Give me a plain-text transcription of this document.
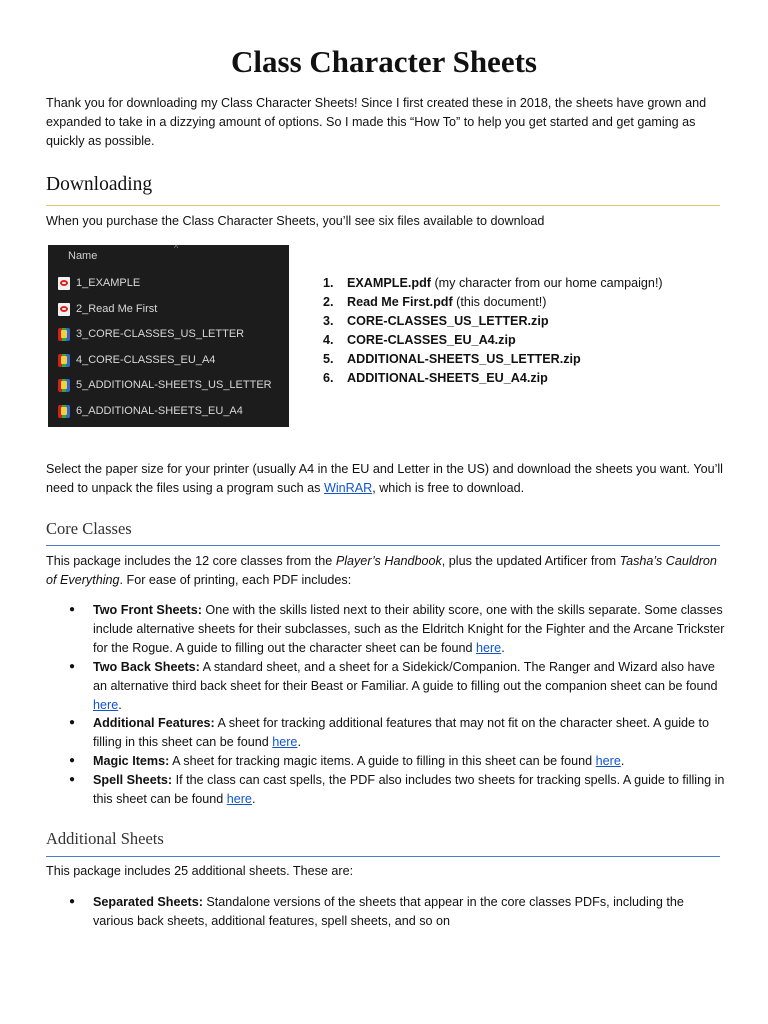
Class Character Sheets

Thank you for downloading my Class Character Sheets! Since I first created these in 2018, the sheets have grown and expanded to take in a dizzying amount of options. So I made this “How To” to help you get started and get gaming as quickly as possible.

Downloading

When you purchase the Class Character Sheets, you’ll see six files available to download

^
Name
1_EXAMPLE
2_Read Me First
3_CORE-CLASSES_US_LETTER
4_CORE-CLASSES_EU_A4
5_ADDITIONAL-SHEETS_US_LETTER
6_ADDITIONAL-SHEETS_EU_A4
1.	EXAMPLE.pdf (my character from our home campaign!)
2.	Read Me First.pdf (this document!)
3.	CORE-CLASSES_US_LETTER.zip
4.	CORE-CLASSES_EU_A4.zip
5.	ADDITIONAL-SHEETS_US_LETTER.zip
6.	ADDITIONAL-SHEETS_EU_A4.zip

Select the paper size for your printer (usually A4 in the EU and Letter in the US) and download the sheets you want. You’ll need to unpack the files using a program such as WinRAR, which is free to download.

Core Classes

This package includes the 12 core classes from the Player’s Handbook, plus the updated Artificer from Tasha’s Cauldron of Everything. For ease of printing, each PDF includes:

● Two Front Sheets: One with the skills listed next to their ability score, one with the skills separate. Some classes include alternative sheets for their subclasses, such as the Eldritch Knight for the Fighter and the Arcane Trickster for the Rogue. A guide to filling out the character sheet can be found here.
● Two Back Sheets: A standard sheet, and a sheet for a Sidekick/Companion. The Ranger and Wizard also have an alternative third back sheet for their Beast or Familiar. A guide to filling out the companion sheet can be found here.
● Additional Features: A sheet for tracking additional features that may not fit on the character sheet. A guide to filling in this sheet can be found here.
● Magic Items: A sheet for tracking magic items. A guide to filling in this sheet can be found here.
● Spell Sheets: If the class can cast spells, the PDF also includes two sheets for tracking spells. A guide to filling in this sheet can be found here.
Additional Sheets

This package includes 25 additional sheets. These are:

● Separated Sheets: Standalone versions of the sheets that appear in the core classes PDFs, including the various back sheets, additional features, spell sheets, and so on
